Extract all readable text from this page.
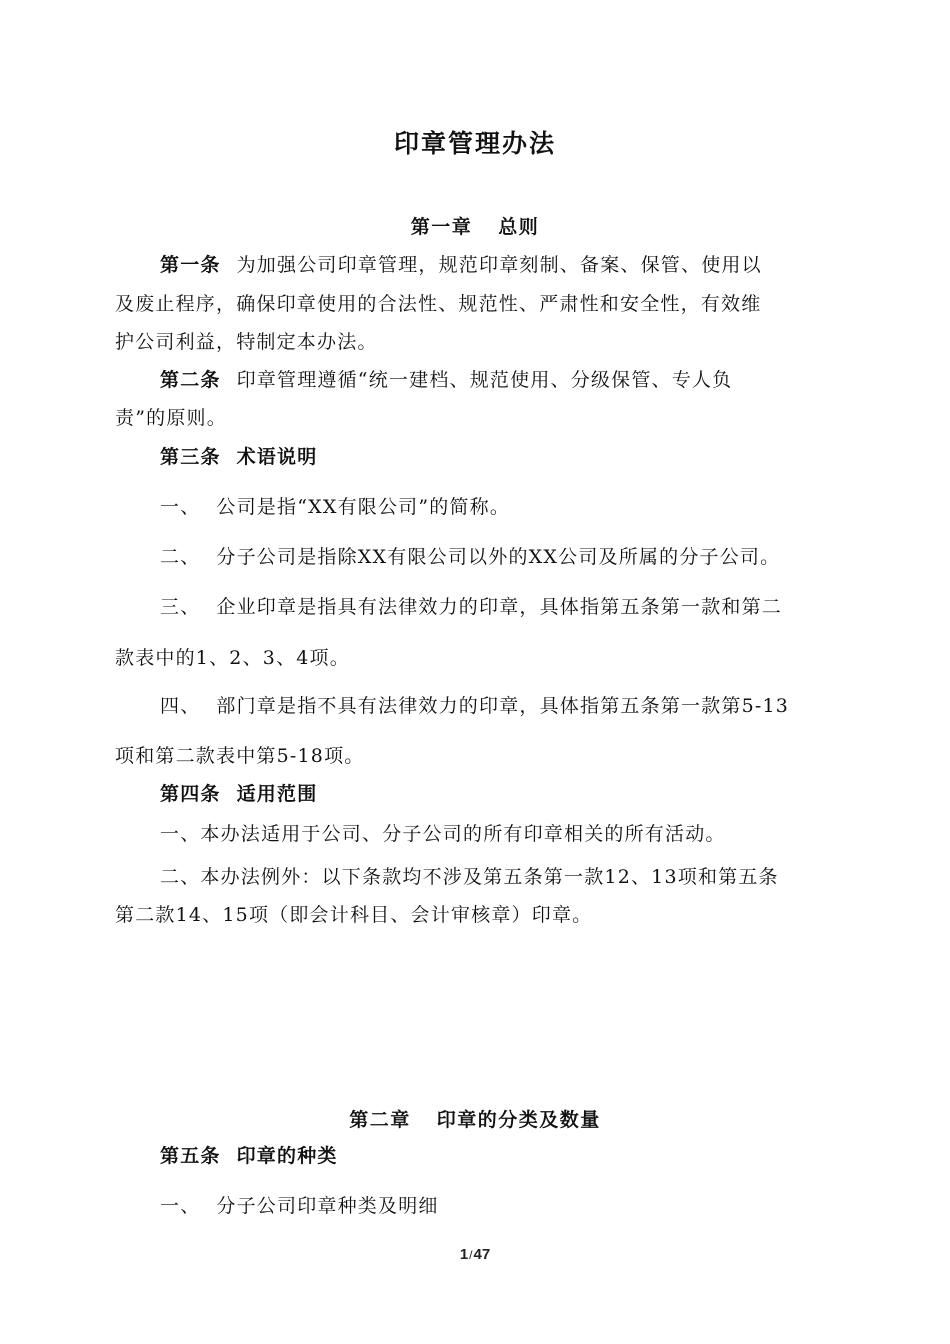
印章管理办法
第一章 总则
第一条 为加强公司印章管理，规范印章刻制、备案、保管、使用以
及废止程序，确保印章使用的合法性、规范性、严肃性和安全性，有效维
护公司利益，特制定本办法。
第二条 印章管理遵循“统一建档、规范使用、分级保管、专人负
责”的原则。
第三条 术语说明
一、 公司是指“XX有限公司”的简称。
二、 分子公司是指除XX有限公司以外的XX公司及所属的分子公司。
三、 企业印章是指具有法律效力的印章，具体指第五条第一款和第二
款表中的1、2、3、4项。
四、 部门章是指不具有法律效力的印章，具体指第五条第一款第5-13
项和第二款表中第5-18项。
第四条 适用范围
一、本办法适用于公司、分子公司的所有印章相关的所有活动。
二、本办法例外：以下条款均不涉及第五条第一款12、13项和第五条
第二款14、15项（即会计科目、会计审核章）印章。
第二章 印章的分类及数量
第五条 印章的种类
一、 分子公司印章种类及明细
1/47
